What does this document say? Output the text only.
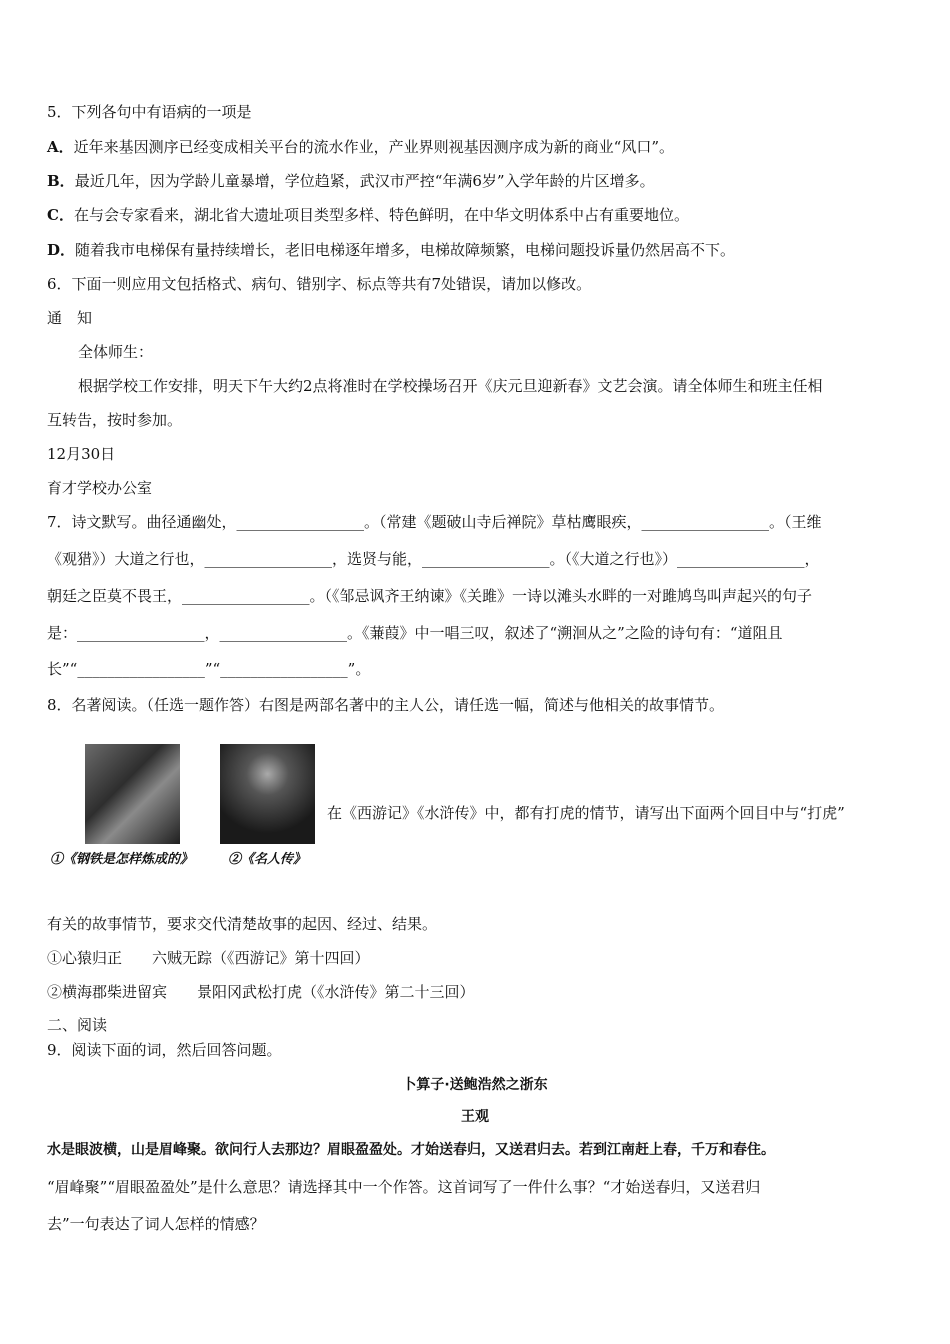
5．下列各句中有语病的一项是
A．近年来基因测序已经变成相关平台的流水作业，产业界则视基因测序成为新的商业“风口”。
B．最近几年，因为学龄儿童暴增，学位趋紧，武汉市严控“年满6岁”入学年龄的片区增多。
C．在与会专家看来，湖北省大遗址项目类型多样、特色鲜明，在中华文明体系中占有重要地位。
D．随着我市电梯保有量持续增长，老旧电梯逐年增多，电梯故障频繁，电梯问题投诉量仍然居高不下。
6．下面一则应用文包括格式、病句、错别字、标点等共有7处错误，请加以修改。
通　知
全体师生：
根据学校工作安排，明天下午大约2点将准时在学校操场召开《庆元旦迎新春》文艺会演。请全体师生和班主任相
互转告，按时参加。
12月30日
育才学校办公室
7．诗文默写。曲径通幽处，_________________。（常建《题破山寺后禅院》草枯鹰眼疾，_________________。（王维
《观猎》）大道之行也，_________________，选贤与能，_________________。（《大道之行也》）_________________，
朝廷之臣莫不畏王，_________________。（《邹忌讽齐王纳谏》《关雎》一诗以滩头水畔的一对雎鸠鸟叫声起兴的句子
是：_________________，_________________。《蒹葭》中一唱三叹，叙述了“溯洄从之”之险的诗句有：“道阻且
长”“_________________”“_________________”。
8．名著阅读。（任选一题作答）右图是两部名著中的主人公，请任选一幅，简述与他相关的故事情节。
①《钢铁是怎样炼成的》	②《名人传》
在《西游记》《水浒传》中，都有打虎的情节，请写出下面两个回目中与“打虎”
有关的故事情节，要求交代清楚故事的起因、经过、结果。
①心猿归正　　六贼无踪（《西游记》第十四回）
②横海郡柴进留宾　　景阳冈武松打虎（《水浒传》第二十三回）
二、阅读
9．阅读下面的词，然后回答问题。
卜算子·送鲍浩然之浙东
王观
水是眼波横，山是眉峰聚。欲问行人去那边？眉眼盈盈处。才始送春归，又送君归去。若到江南赶上春，千万和春住。
“眉峰聚”“眉眼盈盈处”是什么意思？请选择其中一个作答。这首词写了一件什么事？“才始送春归，又送君归
去”一句表达了词人怎样的情感？
